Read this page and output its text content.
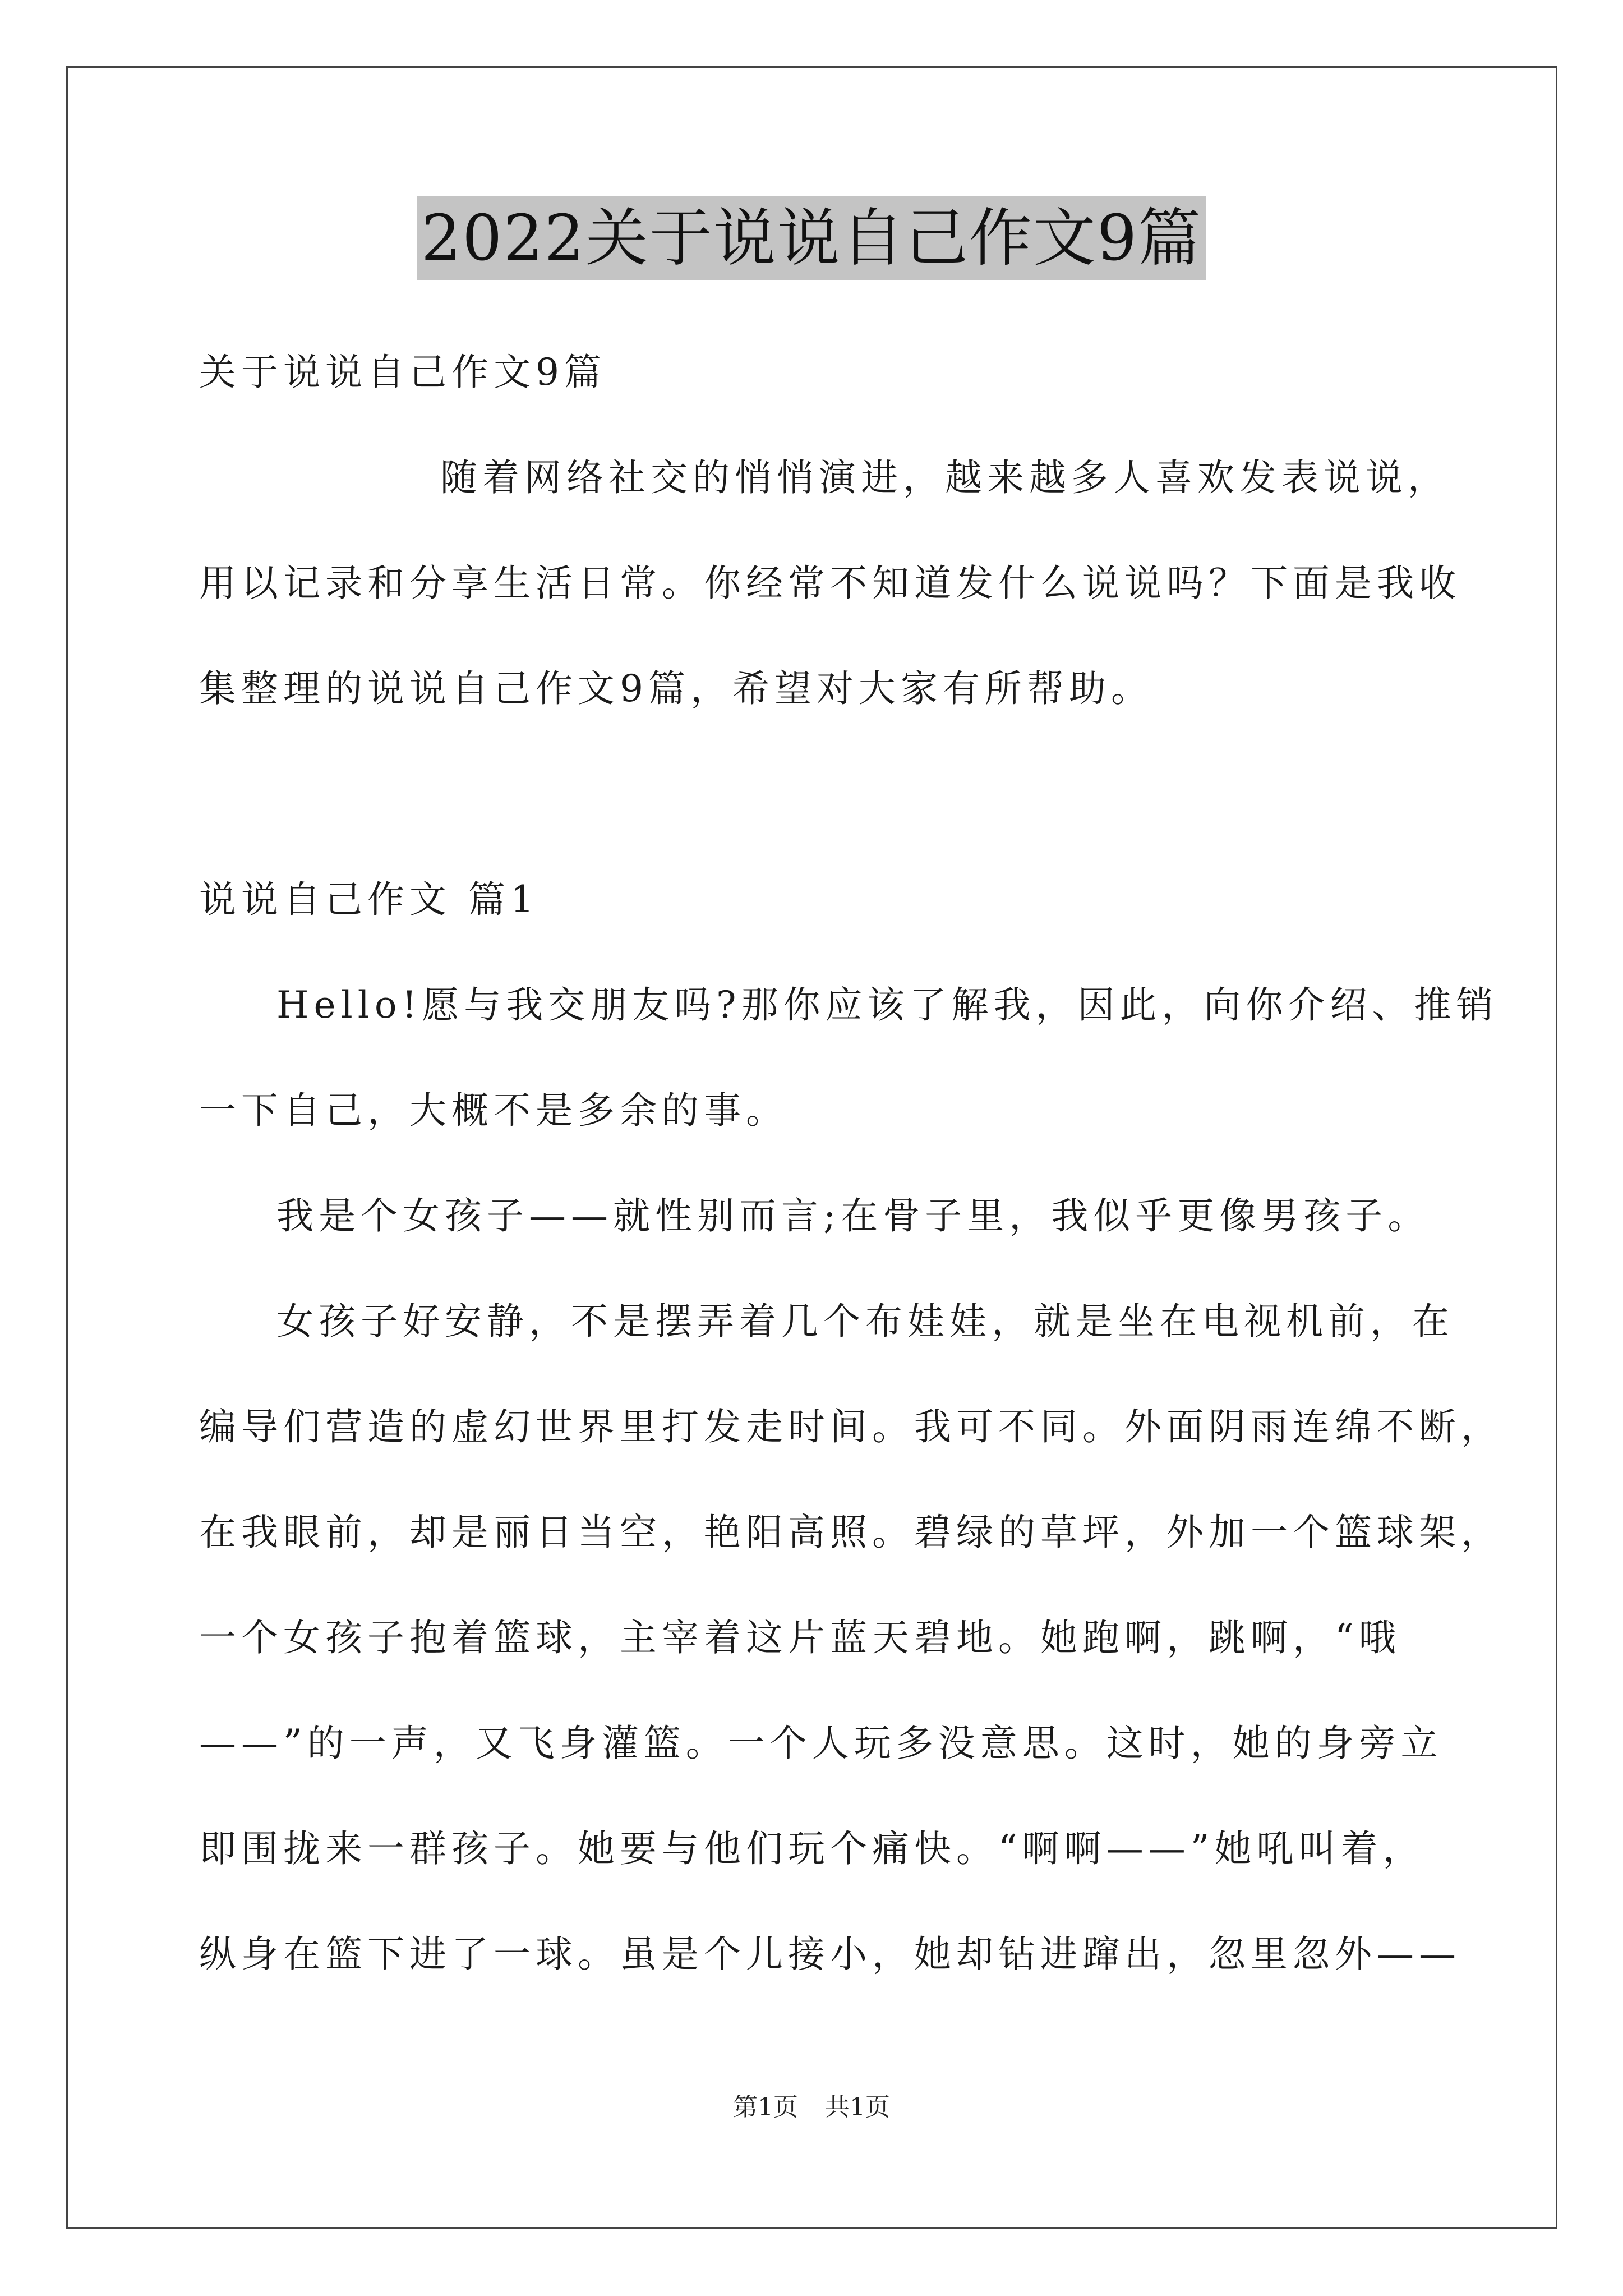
2022关于说说自己作文9篇
关于说说自己作文9篇
随着网络社交的悄悄演进，越来越多人喜欢发表说说，
用以记录和分享生活日常。你经常不知道发什么说说吗？下面是我收
集整理的说说自己作文9篇，希望对大家有所帮助。
说说自己作文 篇1
Hello!愿与我交朋友吗?那你应该了解我，因此，向你介绍、推销
一下自己，大概不是多余的事。
我是个女孩子——就性别而言;在骨子里，我似乎更像男孩子。
女孩子好安静，不是摆弄着几个布娃娃，就是坐在电视机前，在
编导们营造的虚幻世界里打发走时间。我可不同。外面阴雨连绵不断，
在我眼前，却是丽日当空，艳阳高照。碧绿的草坪，外加一个篮球架，
一个女孩子抱着篮球，主宰着这片蓝天碧地。她跑啊，跳啊，“哦
——”的一声，又飞身灌篮。一个人玩多没意思。这时，她的身旁立
即围拢来一群孩子。她要与他们玩个痛快。“啊啊——”她吼叫着，
纵身在篮下进了一球。虽是个儿接小，她却钻进蹿出，忽里忽外——
第1页 共1页
